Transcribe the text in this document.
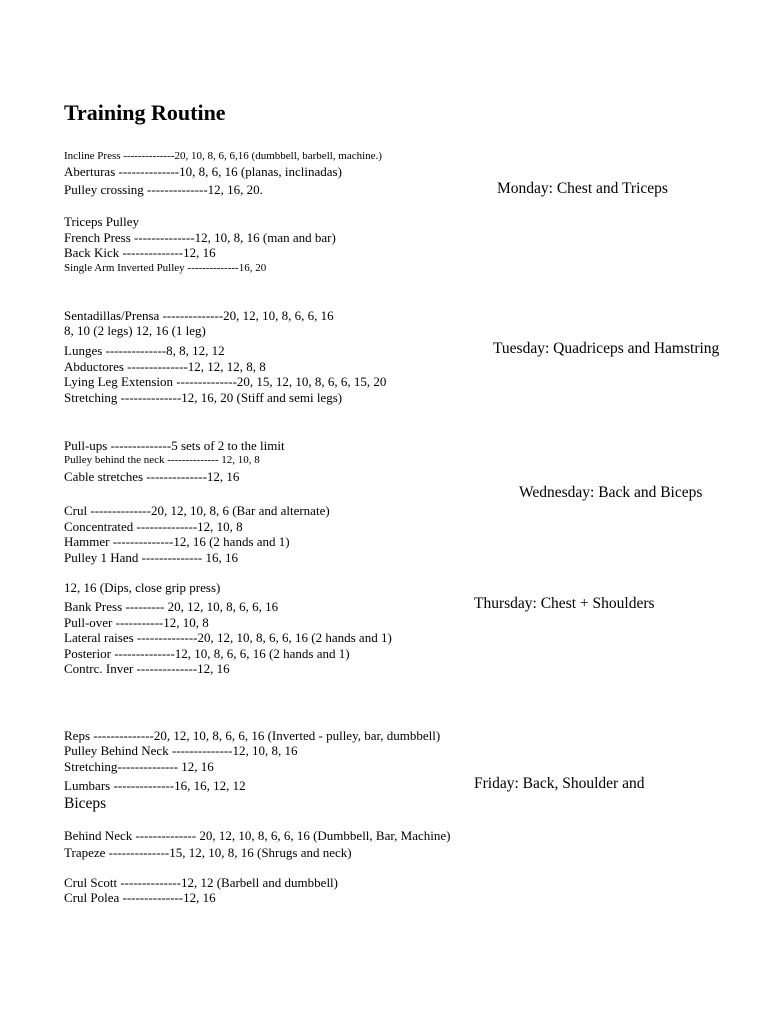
Training Routine
Incline Press --------------20, 10, 8, 6, 6,16 (dumbbell, barbell, machine.)
Aberturas --------------10, 8, 6, 16 (planas, inclinadas)
Pulley crossing --------------12, 16, 20.	Monday: Chest and Triceps
Triceps Pulley
French Press --------------12, 10, 8, 16 (man and bar)
Back Kick --------------12, 16
Single Arm Inverted Pulley --------------16, 20
Sentadillas/Prensa --------------20, 12, 10, 8, 6, 6, 16
8, 10 (2 legs) 12, 16 (1 leg)
Lunges --------------8, 8, 12, 12	Tuesday: Quadriceps and Hamstring
Abductores --------------12, 12, 12, 8, 8
Lying Leg Extension --------------20, 15, 12, 10, 8, 6, 6, 15, 20
Stretching --------------12, 16, 20 (Stiff and semi legs)
Pull-ups --------------5 sets of 2 to the limit
Pulley behind the neck -------------- 12, 10, 8
Cable stretches --------------12, 16
Wednesday: Back and Biceps
Crul --------------20, 12, 10, 8, 6 (Bar and alternate)
Concentrated --------------12, 10, 8
Hammer --------------12, 16 (2 hands and 1)
Pulley 1 Hand -------------- 16, 16
12, 16 (Dips, close grip press)
Bank Press --------- 20, 12, 10, 8, 6, 6, 16	Thursday: Chest + Shoulders
Pull-over -----------12, 10, 8
Lateral raises --------------20, 12, 10, 8, 6, 6, 16 (2 hands and 1)
Posterior --------------12, 10, 8, 6, 6, 16 (2 hands and 1)
Contrc. Inver --------------12, 16
Reps --------------20, 12, 10, 8, 6, 6, 16 (Inverted - pulley, bar, dumbbell)
Pulley Behind Neck --------------12, 10, 8, 16
Stretching-------------- 12, 16
Lumbars --------------16, 16, 12, 12	Friday: Back, Shoulder and
Biceps
Behind Neck -------------- 20, 12, 10, 8, 6, 6, 16 (Dumbbell, Bar, Machine)
Trapeze --------------15, 12, 10, 8, 16 (Shrugs and neck)
Crul Scott --------------12, 12 (Barbell and dumbbell)
Crul Polea --------------12, 16
